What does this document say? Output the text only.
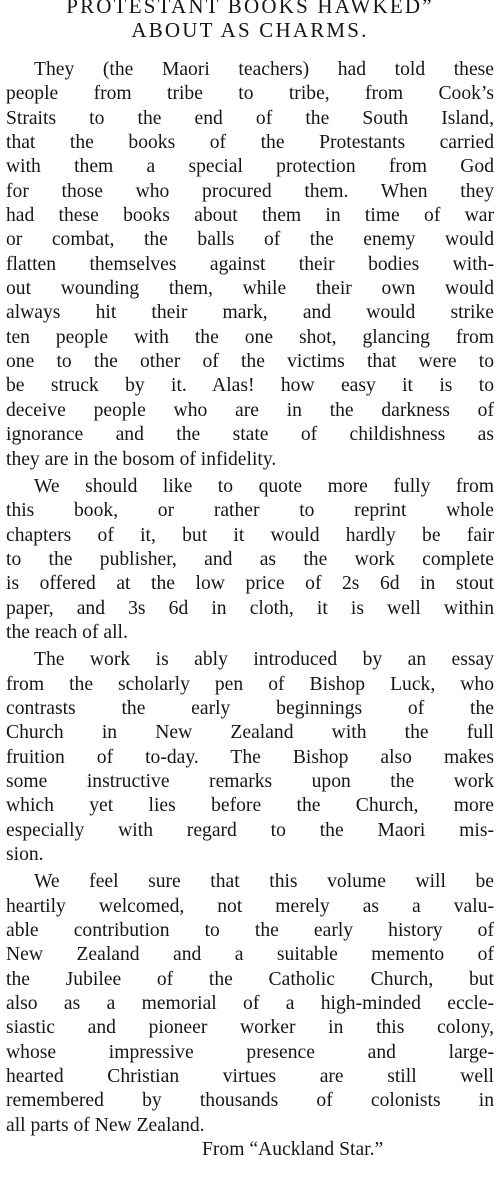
PROTESTANT BOOKS HAWKED”
ABOUT AS CHARMS.

They (the Maori teachers) had told these
people from tribe to tribe, from Cook’s
Straits to the end of the South Island,
that the books of the Protestants carried
with them a special protection from God
for those who procured them. When they
had these books about them in time of war
or combat, the balls of the enemy would
flatten themselves against their bodies with-
out wounding them, while their own would
always hit their mark, and would strike
ten people with the one shot, glancing from
one to the other of the victims that were to
be struck by it. Alas! how easy it is to
deceive people who are in the darkness of
ignorance and the state of childishness as
they are in the bosom of infidelity.

We should like to quote more fully from
this book, or rather to reprint whole
chapters of it, but it would hardly be fair
to the publisher, and as the work complete
is offered at the low price of 2s 6d in stout
paper, and 3s 6d in cloth, it is well within
the reach of all.

The work is ably introduced by an essay
from the scholarly pen of Bishop Luck, who
contrasts the early beginnings of the
Church in New Zealand with the full
fruition of to-day. The Bishop also makes
some instructive remarks upon the work
which yet lies before the Church, more
especially with regard to the Maori mis-
sion.

We feel sure that this volume will be
heartily welcomed, not merely as a valu-
able contribution to the early history of
New Zealand and a suitable memento of
the Jubilee of the Catholic Church, but
also as a memorial of a high-minded eccle-
siastic and pioneer worker in this colony,
whose impressive presence and large-
hearted Christian virtues are still well
remembered by thousands of colonists in
all parts of New Zealand.

From “Auckland Star.”
